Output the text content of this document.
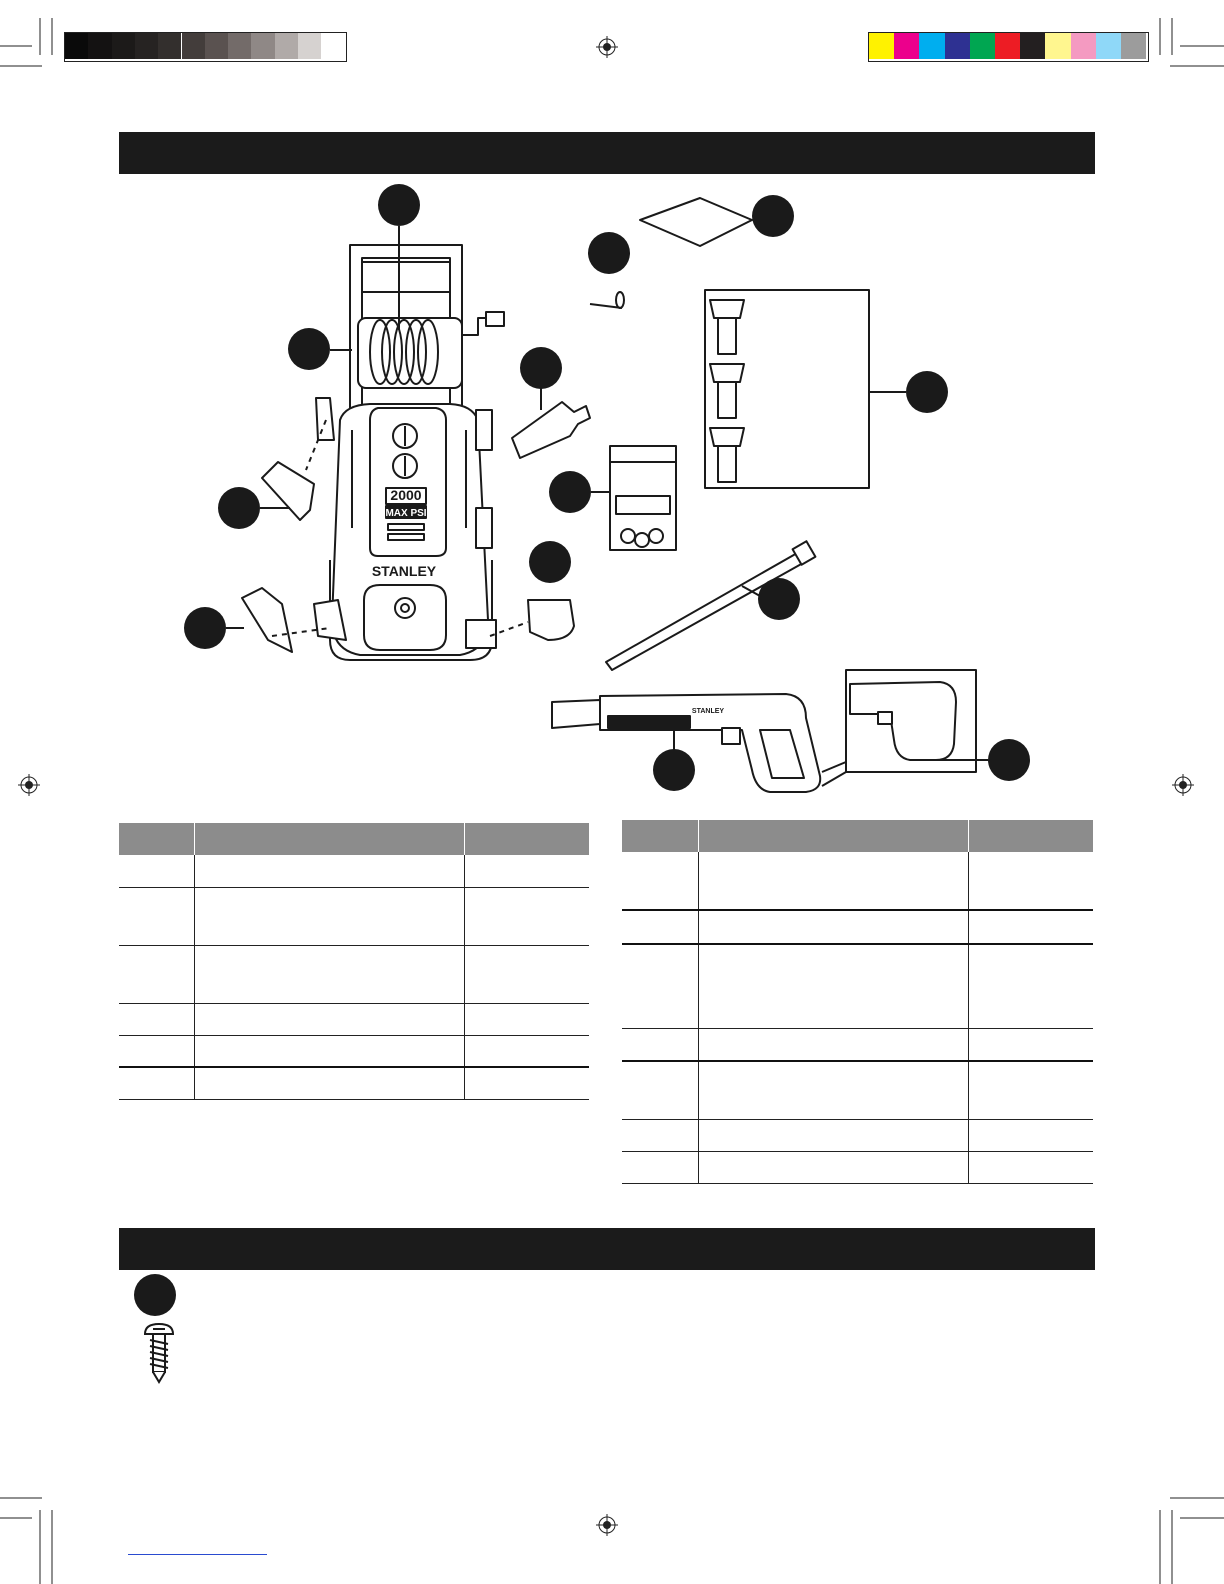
2000
MAX PSI
STANLEY
STANLEY
